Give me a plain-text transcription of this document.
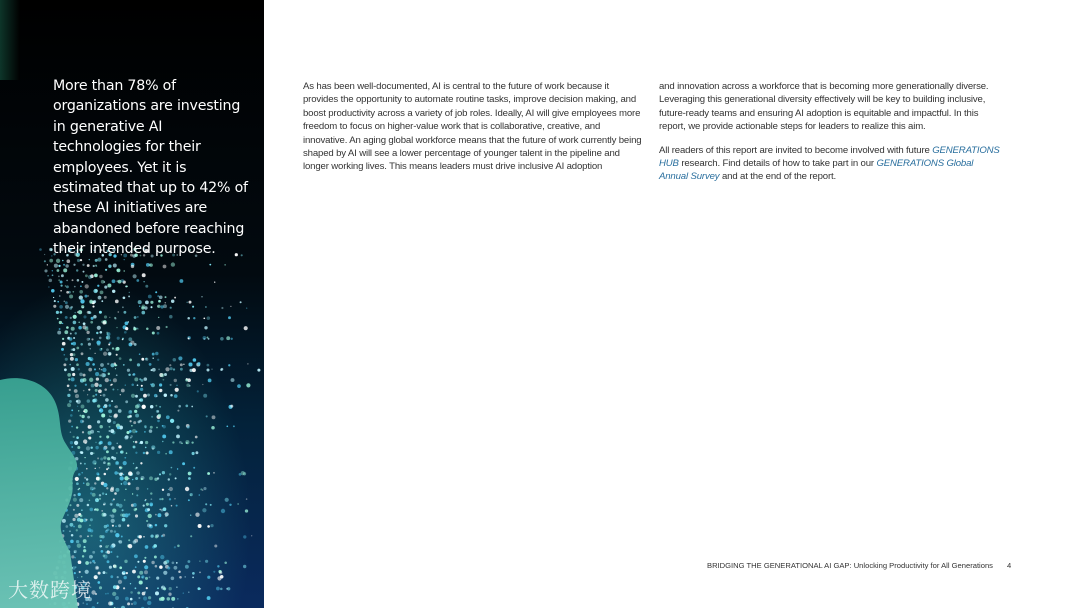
More than 78% of organizations are investing in generative AI technologies for their employees. Yet it is estimated that up to 42% of these AI initiatives are abandoned before reaching their intended purpose.

大数跨境

As has been well-documented, AI is central to the future of work because it provides the opportunity to automate routine tasks, improve decision making, and boost productivity across a variety of job roles. Ideally, AI will give employees more freedom to focus on higher-value work that is collaborative, creative, and innovative. An aging global workforce means that the future of work currently being shaped by AI will see a lower percentage of younger talent in the pipeline and longer working lives. This means leaders must drive inclusive AI adoption

and innovation across a workforce that is becoming more generationally diverse. Leveraging this generational diversity effectively will be key to building inclusive, future-ready teams and ensuring AI adoption is equitable and impactful. In this report, we provide actionable steps for leaders to realize this aim.

All readers of this report are invited to become involved with future GENERATIONS HUB research. Find details of how to take part in our GENERATIONS Global Annual Survey and at the end of the report.

BRIDGING THE GENERATIONAL AI GAP: Unlocking Productivity for All Generations 4
